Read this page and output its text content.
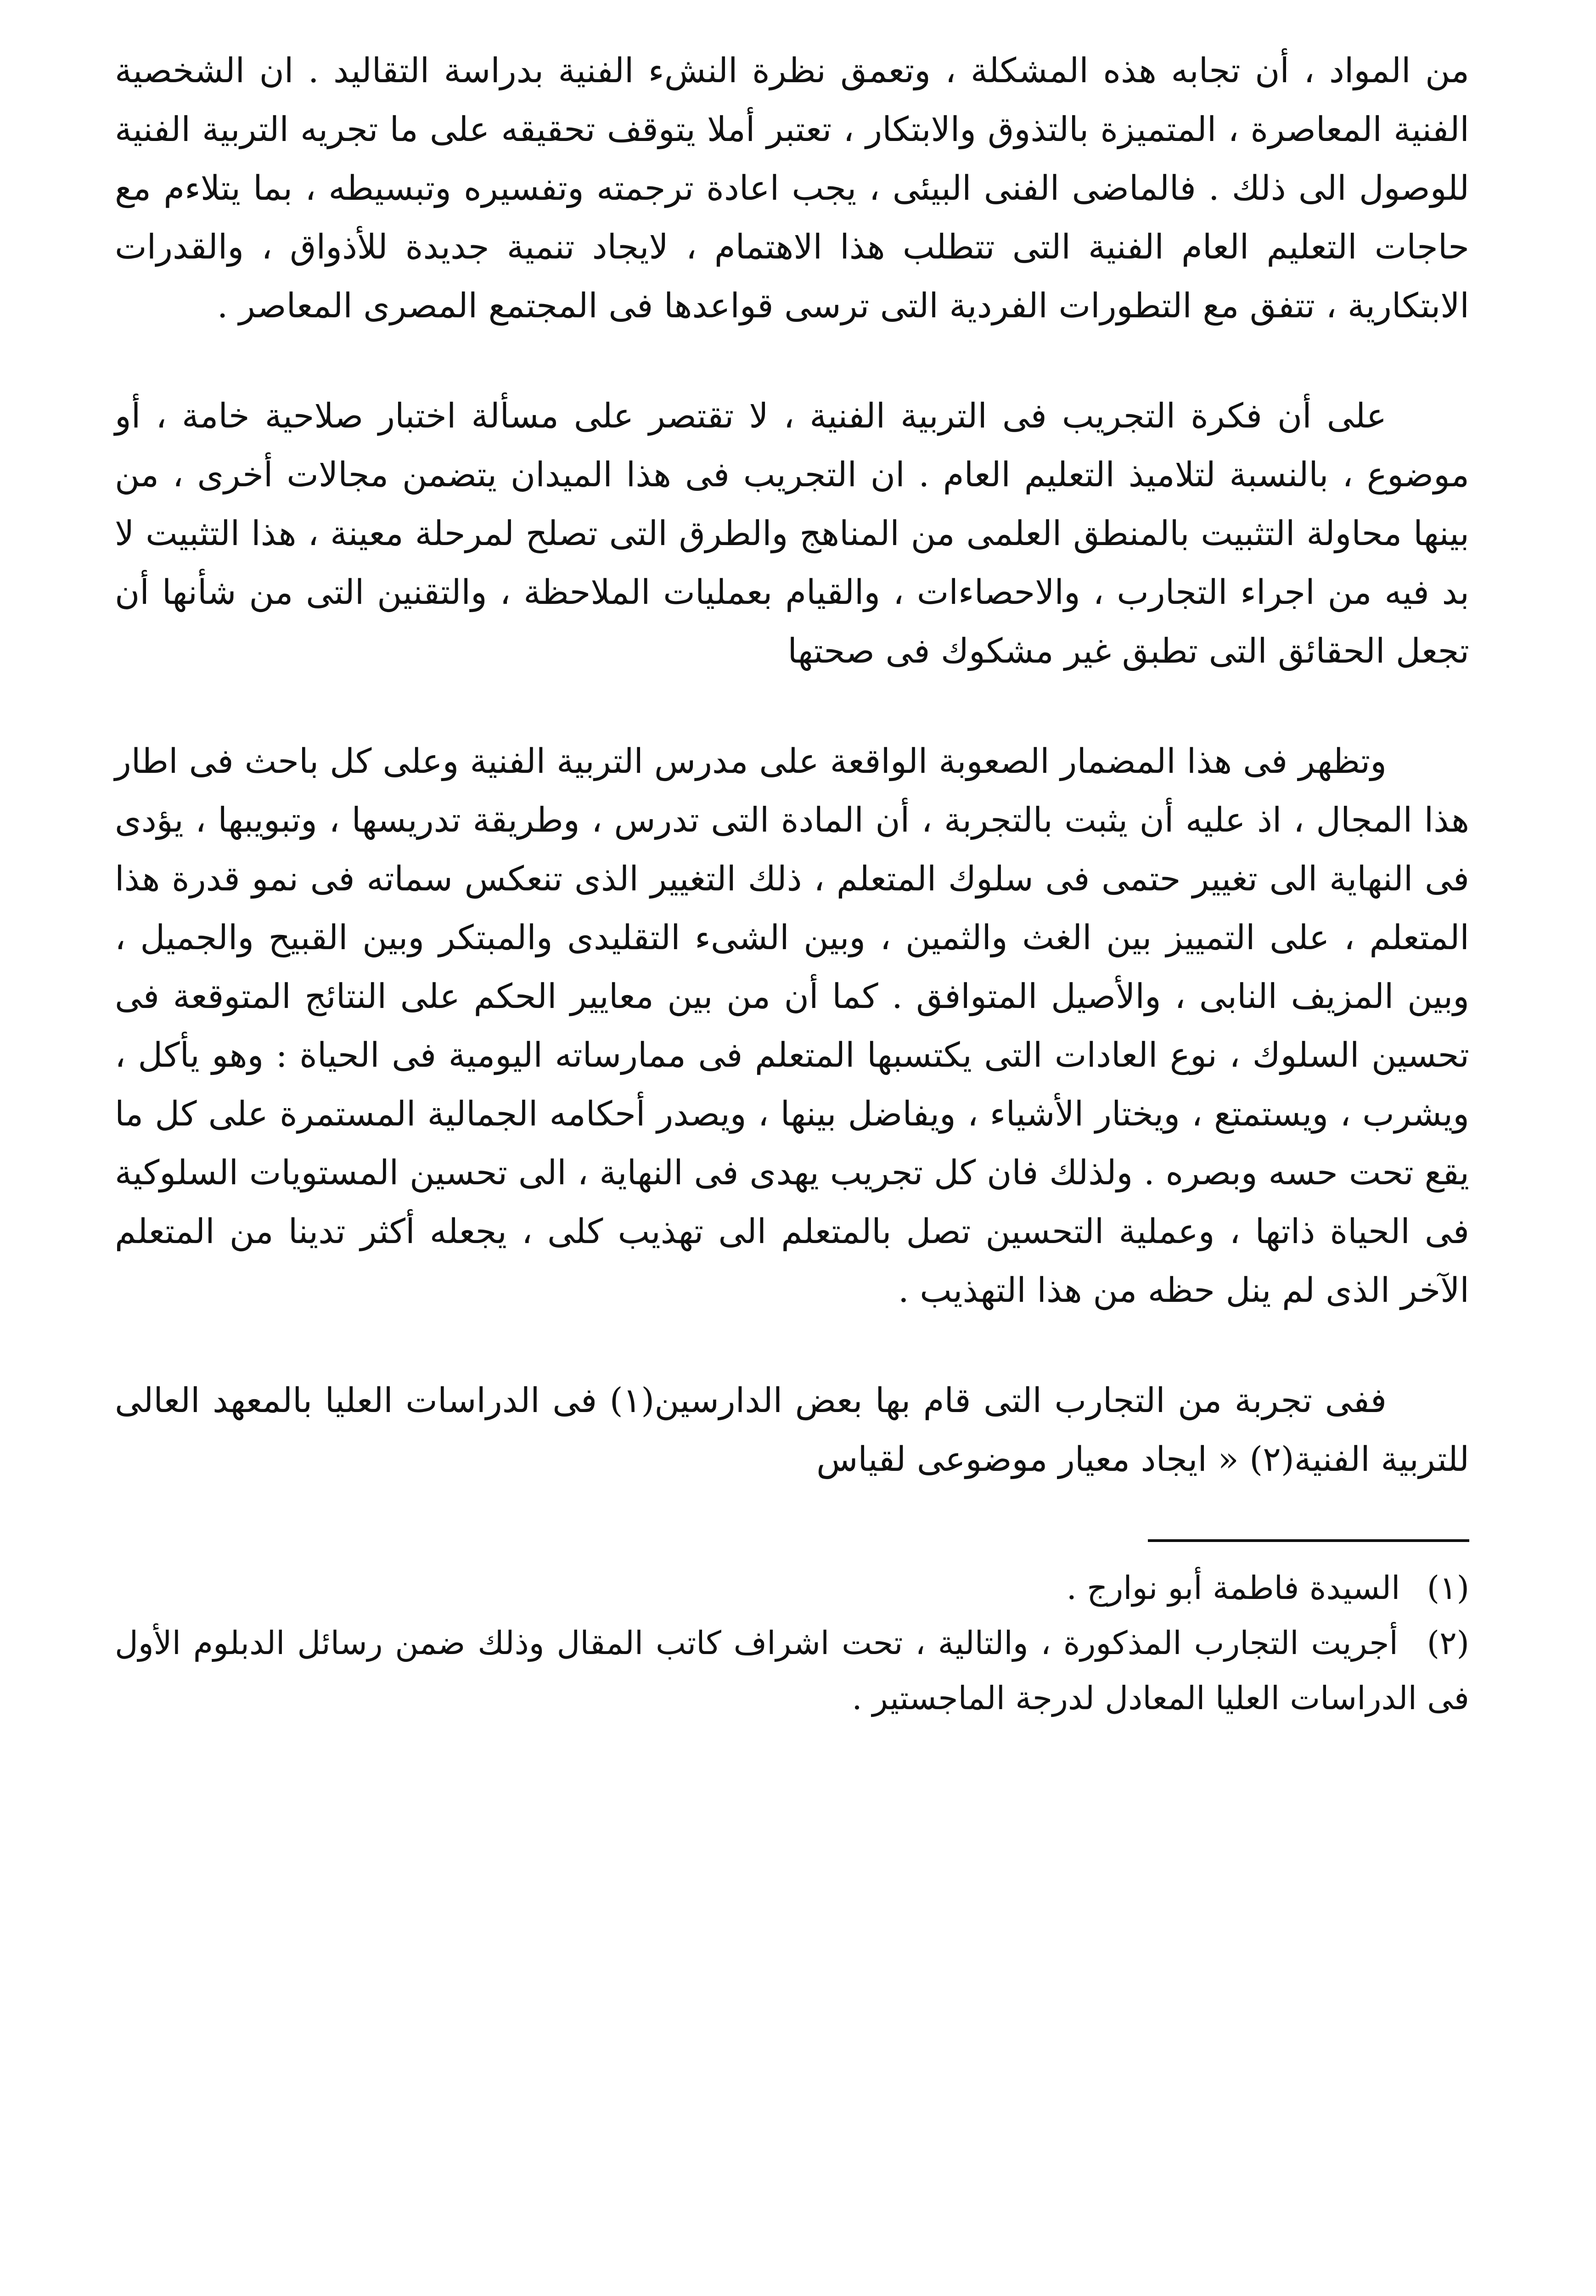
من المواد ، أن تجابه هذه المشكلة ، وتعمق نظرة النشء الفنية بدراسة التقاليد . ان الشخصية الفنية المعاصرة ، المتميزة بالتذوق والابتكار ، تعتبر أملا يتوقف تحقيقه على ما تجريه التربية الفنية للوصول الى ذلك . فالماضى الفنى البيئى ، يجب اعادة ترجمته وتفسيره وتبسيطه ، بما يتلاءم مع حاجات التعليم العام الفنية التى تتطلب هذا الاهتمام ، لايجاد تنمية جديدة للأذواق ، والقدرات الابتكارية ، تتفق مع التطورات الفردية التى ترسى قواعدها فى المجتمع المصرى المعاصر .

على أن فكرة التجريب فى التربية الفنية ، لا تقتصر على مسألة اختبار صلاحية خامة ، أو موضوع ، بالنسبة لتلاميذ التعليم العام . ان التجريب فى هذا الميدان يتضمن مجالات أخرى ، من بينها محاولة التثبيت بالمنطق العلمى من المناهج والطرق التى تصلح لمرحلة معينة ، هذا التثبيت لا بد فيه من اجراء التجارب ، والاحصاءات ، والقيام بعمليات الملاحظة ، والتقنين التى من شأنها أن تجعل الحقائق التى تطبق غير مشكوك فى صحتها

وتظهر فى هذا المضمار الصعوبة الواقعة على مدرس التربية الفنية وعلى كل باحث فى اطار هذا المجال ، اذ عليه أن يثبت بالتجربة ، أن المادة التى تدرس ، وطريقة تدريسها ، وتبويبها ، يؤدى فى النهاية الى تغيير حتمى فى سلوك المتعلم ، ذلك التغيير الذى تنعكس سماته فى نمو قدرة هذا المتعلم ، على التمييز بين الغث والثمين ، وبين الشىء التقليدى والمبتكر وبين القبيح والجميل ، وبين المزيف النابى ، والأصيل المتوافق . كما أن من بين معايير الحكم على النتائج المتوقعة فى تحسين السلوك ، نوع العادات التى يكتسبها المتعلم فى ممارساته اليومية فى الحياة : وهو يأكل ، ويشرب ، ويستمتع ، ويختار الأشياء ، ويفاضل بينها ، ويصدر أحكامه الجمالية المستمرة على كل ما يقع تحت حسه وبصره . ولذلك فان كل تجريب يهدى فى النهاية ، الى تحسين المستويات السلوكية فى الحياة ذاتها ، وعملية التحسين تصل بالمتعلم الى تهذيب كلى ، يجعله أكثر تدينا من المتعلم الآخر الذى لم ينل حظه من هذا التهذيب .

ففى تجربة من التجارب التى قام بها بعض الدارسين(١) فى الدراسات العليا بالمعهد العالى للتربية الفنية(٢) « ايجاد معيار موضوعى لقياس

(١) السيدة فاطمة أبو نوارج .

(٢) أجريت التجارب المذكورة ، والتالية ، تحت اشراف كاتب المقال وذلك ضمن رسائل الدبلوم الأول فى الدراسات العليا المعادل لدرجة الماجستير .
